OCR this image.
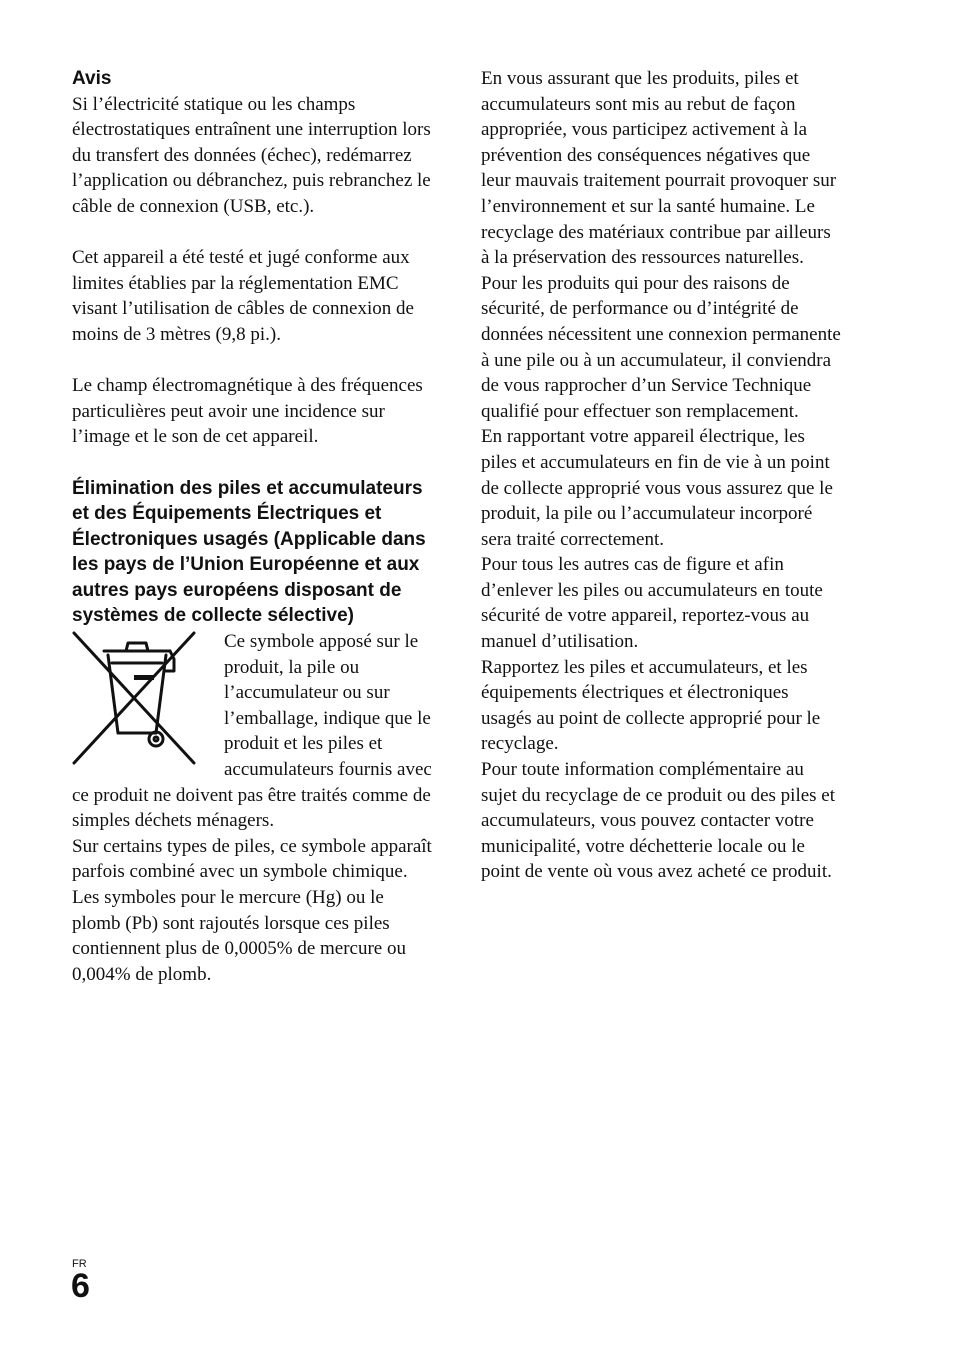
Avis

Si l’électricité statique ou les champs électrostatiques entraînent une interruption lors du transfert des données (échec), redémarrez l’application ou débranchez, puis rebranchez le câble de connexion (USB, etc.).

Cet appareil a été testé et jugé conforme aux limites établies par la réglementation EMC visant l’utilisation de câbles de connexion de moins de 3 mètres (9,8 pi.).

Le champ électromagnétique à des fréquences particulières peut avoir une incidence sur l’image et le son de cet appareil.

Élimination des piles et accumulateurs et des Équipements Électriques et Électroniques usagés (Applicable dans les pays de l’Union Européenne et aux autres pays européens disposant de systèmes de collecte sélective)

Ce symbole apposé sur le produit, la pile ou l’accumulateur ou sur l’emballage, indique que le produit et les piles et accumulateurs fournis avec ce produit ne doivent pas être traités comme de simples déchets ménagers.

Sur certains types de piles, ce symbole apparaît parfois combiné avec un symbole chimique. Les symboles pour le mercure (Hg) ou le plomb (Pb) sont rajoutés lorsque ces piles contiennent plus de 0,0005% de mercure ou 0,004% de plomb.

En vous assurant que les produits, piles et accumulateurs sont mis au rebut de façon appropriée, vous participez activement à la prévention des conséquences négatives que leur mauvais traitement pourrait provoquer sur l’environnement et sur la santé humaine. Le recyclage des matériaux contribue par ailleurs à la préservation des ressources naturelles.

Pour les produits qui pour des raisons de sécurité, de performance ou d’intégrité de données nécessitent une connexion permanente à une pile ou à un accumulateur, il conviendra de vous rapprocher d’un Service Technique qualifié pour effectuer son remplacement.

En rapportant votre appareil électrique, les piles et accumulateurs en fin de vie à un point de collecte approprié vous vous assurez que le produit, la pile ou l’accumulateur incorporé sera traité correctement.

Pour tous les autres cas de figure et afin d’enlever les piles ou accumulateurs en toute sécurité de votre appareil, reportez-vous au manuel d’utilisation.

Rapportez les piles et accumulateurs, et les équipements électriques et électroniques usagés au point de collecte approprié pour le recyclage.

Pour toute information complémentaire au sujet du recyclage de ce produit ou des piles et accumulateurs, vous pouvez contacter votre municipalité, votre déchetterie locale ou le point de vente où vous avez acheté ce produit.

FR
6
